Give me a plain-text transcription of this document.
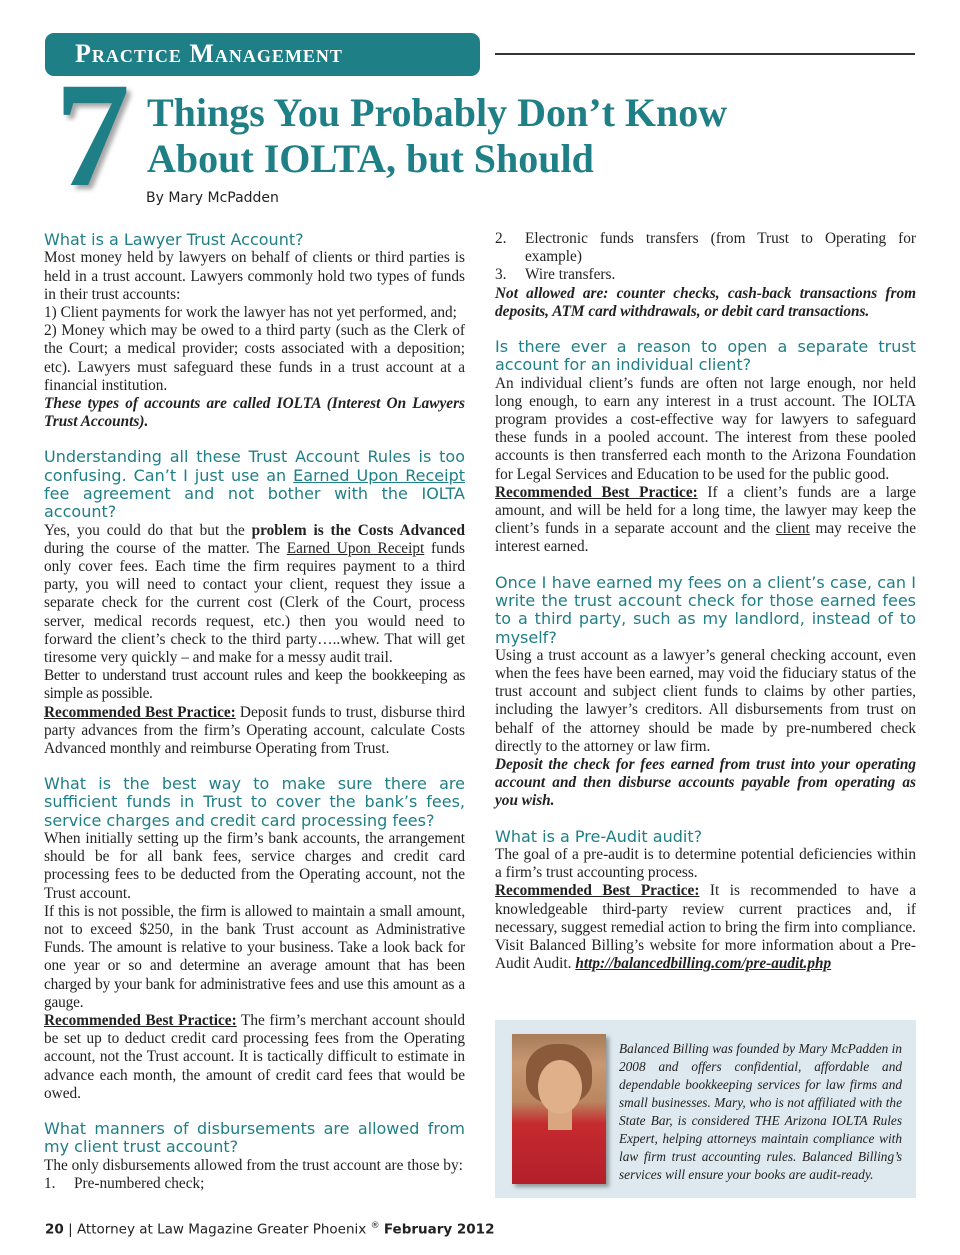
Practice Management
7 Things You Probably Don’t Know
About IOLTA, but Should
By Mary McPadden
What is a Lawyer Trust Account?

Most money held by lawyers on behalf of clients or third parties is held in a trust account. Lawyers commonly hold two types of funds in their trust accounts:

1) Client payments for work the lawyer has not yet performed, and;

2) Money which may be owed to a third party (such as the Clerk of the Court; a medical provider; costs associated with a deposition; etc). Lawyers must safeguard these funds in a trust account at a financial institution.

These types of accounts are called IOLTA (Interest On Lawyers Trust Accounts).

Understanding all these Trust Account Rules is too confusing. Can’t I just use an Earned Upon Receipt fee agreement and not bother with the IOLTA account?

Yes, you could do that but the problem is the Costs Advanced during the course of the matter. The Earned Upon Receipt funds only cover fees. Each time the firm requires payment to a third party, you will need to contact your client, request they issue a separate check for the current cost (Clerk of the Court, process server, medical records request, etc.) then you would need to forward the client’s check to the third party…..whew. That will get tiresome very quickly – and make for a messy audit trail.

Better to understand trust account rules and keep the bookkeeping as simple as possible.

Recommended Best Practice: Deposit funds to trust, disburse third party advances from the firm’s Operating account, calculate Costs Advanced monthly and reimburse Operating from Trust.

What is the best way to make sure there are sufficient funds in Trust to cover the bank’s fees, service charges and credit card processing fees?

When initially setting up the firm’s bank accounts, the arrangement should be for all bank fees, service charges and credit card processing fees to be deducted from the Operating account, not the Trust account.

If this is not possible, the firm is allowed to maintain a small amount, not to exceed $250, in the bank Trust account as Administrative Funds. The amount is relative to your business. Take a look back for one year or so and determine an average amount that has been charged by your bank for administrative fees and use this amount as a gauge.

Recommended Best Practice: The firm’s merchant account should be set up to deduct credit card processing fees from the Operating account, not the Trust account. It is tactically difficult to estimate in advance each month, the amount of credit card fees that would be owed.

What manners of disbursements are allowed from my client trust account?

The only disbursements allowed from the trust account are those by:

1. Pre-numbered check;
2. Electronic funds transfers (from Trust to Operating for example)
3. Wire transfers.

Not allowed are: counter checks, cash-back transactions from deposits, ATM card withdrawals, or debit card transactions.

Is there ever a reason to open a separate trust account for an individual client?

An individual client’s funds are often not large enough, nor held long enough, to earn any interest in a trust account. The IOLTA program provides a cost-effective way for lawyers to safeguard these funds in a pooled account. The interest from these pooled accounts is then transferred each month to the Arizona Foundation for Legal Services and Education to be used for the public good.

Recommended Best Practice: If a client’s funds are a large amount, and will be held for a long time, the lawyer may keep the client’s funds in a separate account and the client may receive the interest earned.

Once I have earned my fees on a client’s case, can I write the trust account check for those earned fees to a third party, such as my landlord, instead of to myself?

Using a trust account as a lawyer’s general checking account, even when the fees have been earned, may void the fiduciary status of the trust account and subject client funds to claims by other parties, including the lawyer’s creditors. All disbursements from trust on behalf of the attorney should be made by pre-numbered check directly to the attorney or law firm.

Deposit the check for fees earned from trust into your operating account and then disburse accounts payable from operating as you wish.

What is a Pre-Audit audit?

The goal of a pre-audit is to determine potential deficiencies within a firm’s trust accounting process.

Recommended Best Practice: It is recommended to have a knowledgeable third-party review current practices and, if necessary, suggest remedial action to bring the firm into compliance. Visit Balanced Billing’s website for more information about a Pre-Audit Audit. http://balancedbilling.com/pre-audit.php

Balanced Billing was founded by Mary McPadden in 2008 and offers confidential, affordable and dependable bookkeeping services for law firms and small businesses. Mary, who is not affiliated with the State Bar, is considered THE Arizona IOLTA Rules Expert, helping attorneys maintain compliance with law firm trust accounting rules. Balanced Billing’s services will ensure your books are audit-ready.
20 | Attorney at Law Magazine Greater Phoenix ® February 2012
